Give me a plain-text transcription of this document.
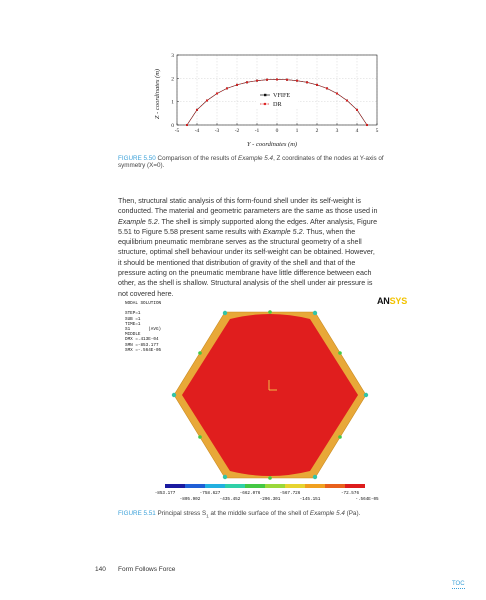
-5	-4	-3	-2	-1	0	1	2	3	4	5
0
1
2
3
Y - coordinates (m)
Z - coordinates (m)	VFIFE
DR
FIGURE 5.50 Comparison of the results of Example 5.4, Z coordinates of the nodes at Y-axis of symmetry (X=0).
Then, structural static analysis of this form-found shell under its self-weight is conducted. The material and geometric parameters are the same as those used in Example 5.2. The shell is simply supported along the edges. After analysis, Figure 5.51 to Figure 5.58 present same results with Example 5.2. Thus, when the equilibrium pneumatic membrane serves as the structural geometry of a shell structure, optimal shell behaviour under its self-weight can be obtained. However, it should be mentioned that distribution of gravity of the shell and that of the pressure acting on the pneumatic membrane have little difference between each other, as the shell is shallow. Structural analysis of the shell under air pressure is not covered here.
NODAL SOLUTION

STEP=1
SUB =1
TIME=1
S1       (AVG)
MIDDLE
DMX =.413E-04
SMN =-853.177
SMX =-.564E-05
ANSYS
-853.177	-758.627	-662.076	-567.726	-72.576
-805.902	-435.452	-296.301	-145.151	-.564E-05
FIGURE 5.51 Principal stress $S_1$ at the middle surface of the shell of Example 5.4 (Pa).
140 Form Follows Force
TOC
